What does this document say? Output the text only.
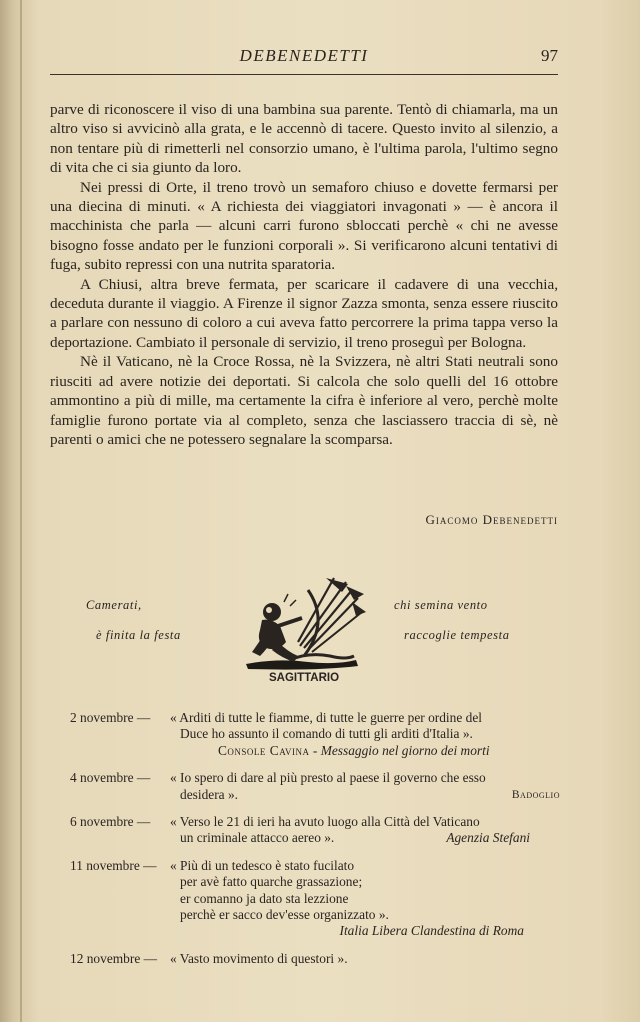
DEBENEDETTI	97

parve di riconoscere il viso di una bambina sua parente. Tentò di chiamarla, ma un altro viso si avvicinò alla grata, e le accennò di tacere. Questo invito al silenzio, a non tentare più di rimetterli nel consorzio umano, è l'ultima parola, l'ultimo segno di vita che ci sia giunto da loro.

Nei pressi di Orte, il treno trovò un semaforo chiuso e dovette fermarsi per una diecina di minuti. « A richiesta dei viaggiatori invagonati » — è ancora il macchinista che parla — alcuni carri furono sbloccati perchè « chi ne avesse bisogno fosse andato per le funzioni corporali ». Si verificarono alcuni tentativi di fuga, subito repressi con una nutrita sparatoria.

A Chiusi, altra breve fermata, per scaricare il cadavere di una vecchia, deceduta durante il viaggio. A Firenze il signor Zazza smonta, senza essere riuscito a parlare con nessuno di coloro a cui aveva fatto percorrere la prima tappa verso la deportazione. Cambiato il personale di servizio, il treno proseguì per Bologna.

Nè il Vaticano, nè la Croce Rossa, nè la Svizzera, nè altri Stati neutrali sono riusciti ad avere notizie dei deportati. Si calcola che solo quelli del 16 ottobre ammontino a più di mille, ma certamente la cifra è inferiore al vero, perchè molte famiglie furono portate via al completo, senza che lasciassero traccia di sè, nè parenti o amici che ne potessero segnalare la scomparsa.

Giacomo Debenedetti
Camerati,
è finita la festa
chi semina vento
raccoglie tempesta
SAGITTARIO
2 novembre — « Arditi di tutte le fiamme, di tutte le guerre per ordine del
Duce ho assunto il comando di tutti gli arditi d'Italia ».
Console Cavina - Messaggio nel giorno dei morti
4 novembre — « Io spero di dare al più presto al paese il governo che esso
desidera ».	Badoglio
6 novembre — « Verso le 21 di ieri ha avuto luogo alla Città del Vaticano
un criminale attacco aereo ».	Agenzia Stefani
11 novembre — « Più di un tedesco è stato fucilato
per avè fatto quarche grassazione;
er comanno ja dato sta lezzione
perchè er sacco dev'esse organizzato ».
Italia Libera Clandestina di Roma
12 novembre — « Vasto movimento di questori ».
